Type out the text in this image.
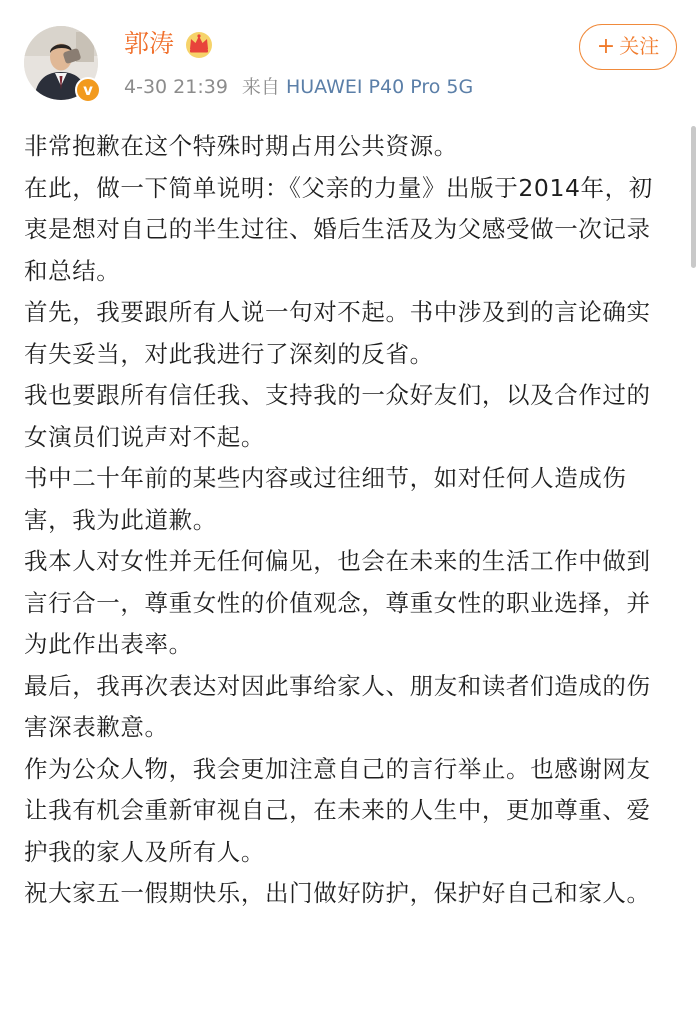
v
郭涛
4-30 21:39 来自 HUAWEI P40 Pro 5G
+ 关注

非常抱歉在这个特殊时期占用公共资源。

在此，做一下简单说明：《父亲的力量》出版于2014年，初衷是想对自己的半生过往、婚后生活及为父感受做一次记录和总结。

首先，我要跟所有人说一句对不起。书中涉及到的言论确实有失妥当，对此我进行了深刻的反省。

我也要跟所有信任我、支持我的一众好友们，以及合作过的女演员们说声对不起。

书中二十年前的某些内容或过往细节，如对任何人造成伤害，我为此道歉。

我本人对女性并无任何偏见，也会在未来的生活工作中做到言行合一，尊重女性的价值观念，尊重女性的职业选择，并为此作出表率。

最后，我再次表达对因此事给家人、朋友和读者们造成的伤害深表歉意。

作为公众人物，我会更加注意自己的言行举止。也感谢网友让我有机会重新审视自己，在未来的人生中，更加尊重、爱护我的家人及所有人。

祝大家五一假期快乐，出门做好防护，保护好自己和家人。
